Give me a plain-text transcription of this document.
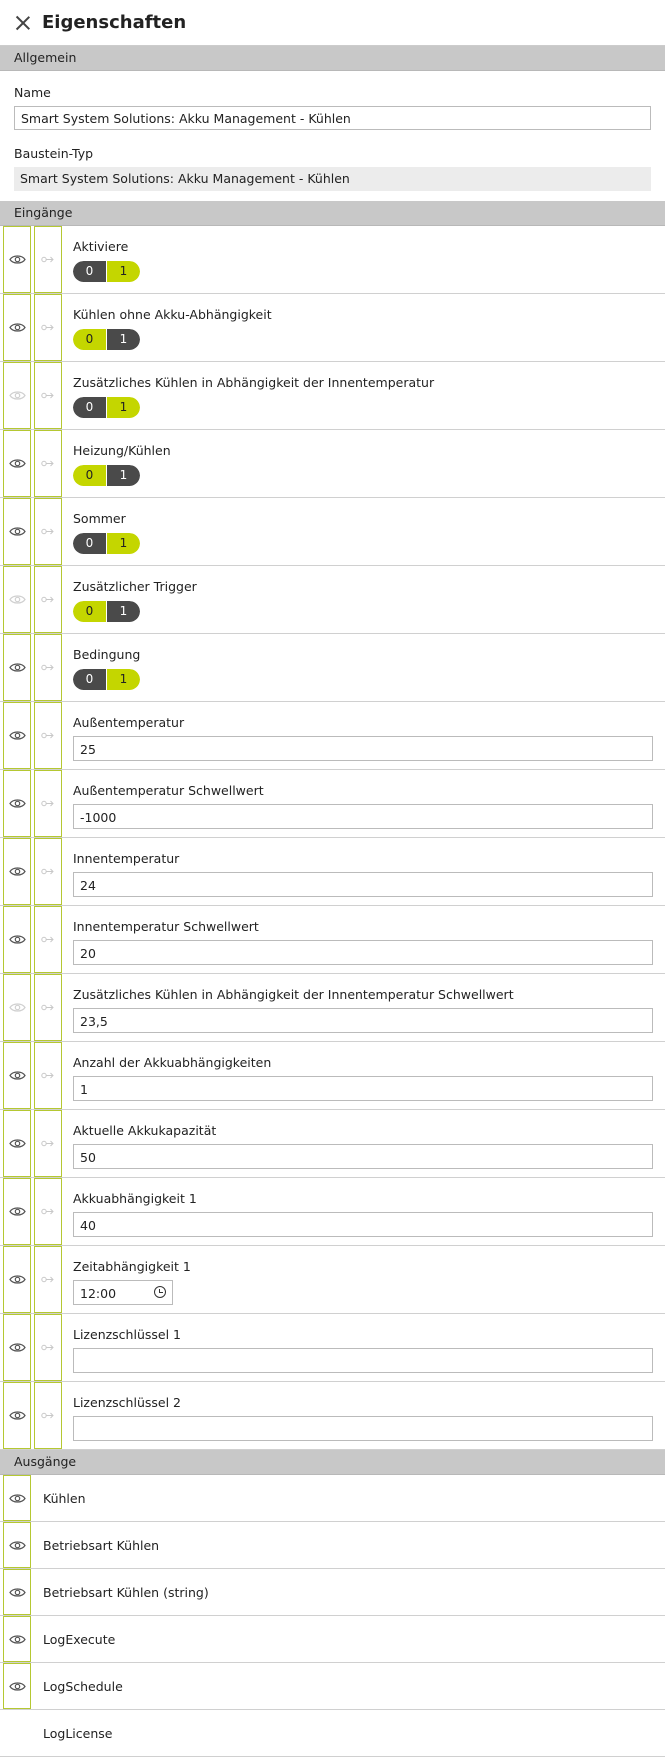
Eigenschaften
Allgemein
Name
Smart System Solutions: Akku Management - Kühlen
Baustein-Typ
Smart System Solutions: Akku Management - Kühlen
Eingänge
Aktiviere
0	1
Kühlen ohne Akku-Abhängigkeit
0	1
Zusätzliches Kühlen in Abhängigkeit der Innentemperatur
0	1
Heizung/Kühlen
0	1
Sommer
0	1
Zusätzlicher Trigger
0	1
Bedingung
0	1
Außentemperatur
25
Außentemperatur Schwellwert
-1000
Innentemperatur
24
Innentemperatur Schwellwert
20
Zusätzliches Kühlen in Abhängigkeit der Innentemperatur Schwellwert
23,5
Anzahl der Akkuabhängigkeiten
1
Aktuelle Akkukapazität
50
Akkuabhängigkeit 1
40
Zeitabhängigkeit 1
12:00
Lizenzschlüssel 1
Lizenzschlüssel 2
Ausgänge
Kühlen
Betriebsart Kühlen
Betriebsart Kühlen (string)
LogExecute
LogSchedule
LogLicense
